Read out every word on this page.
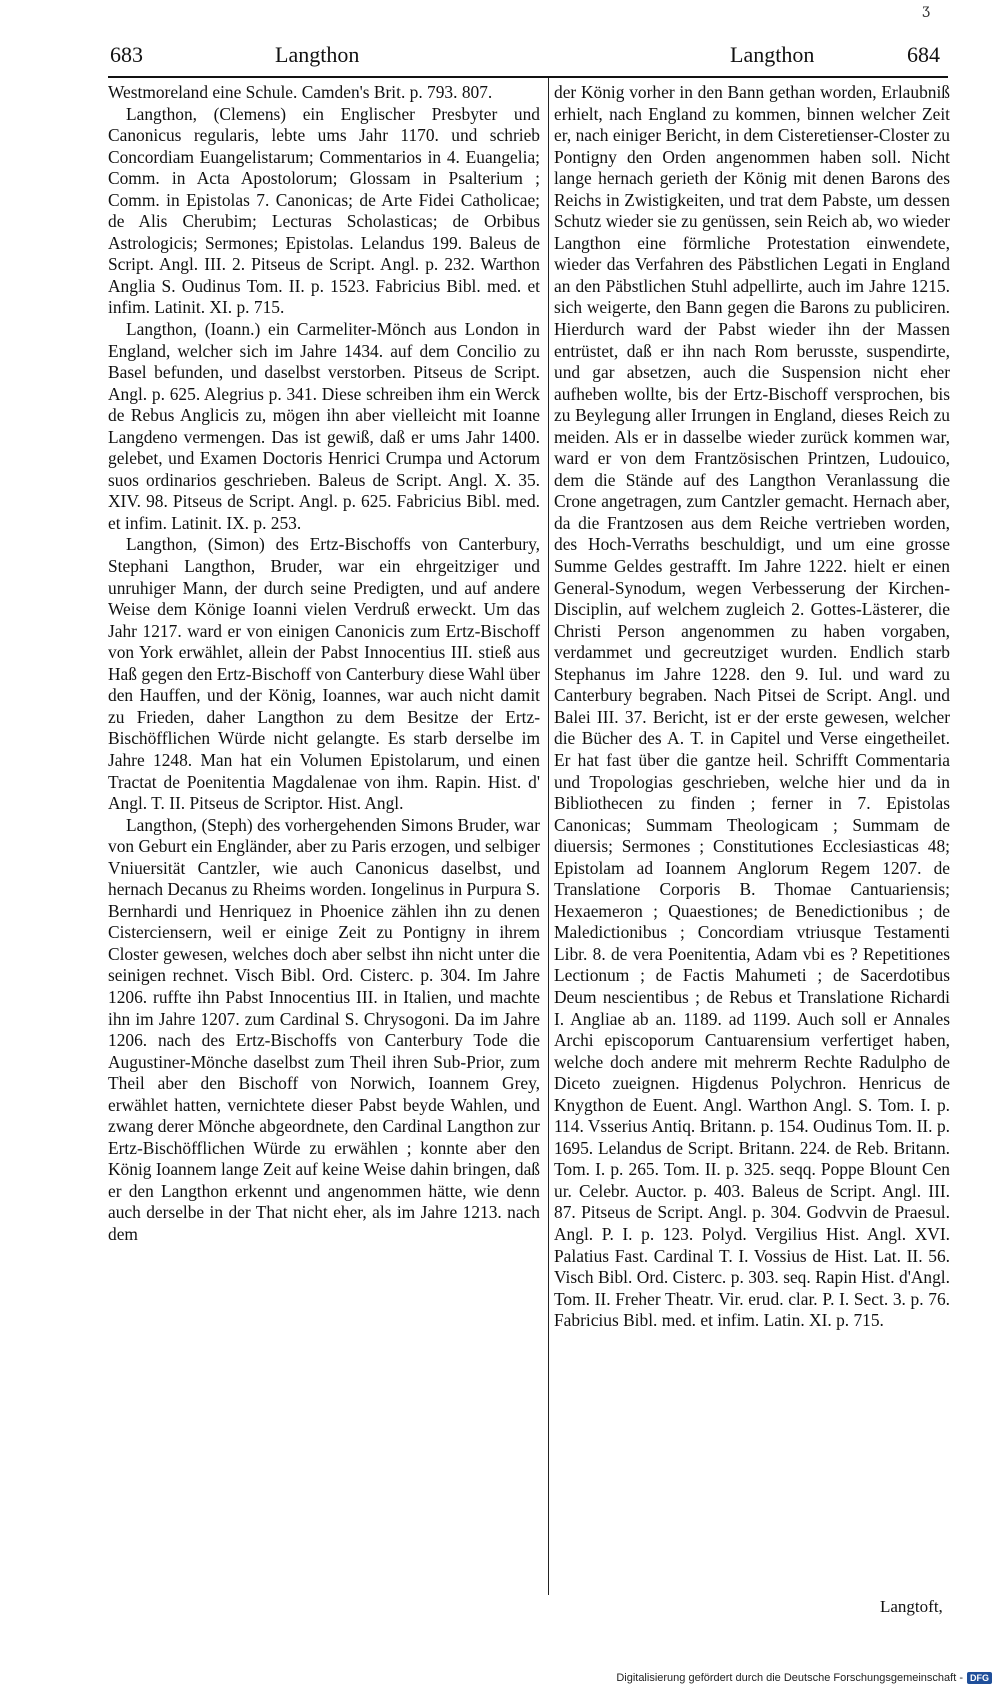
ʒ
683	Langthon	Langthon	684

Westmoreland eine Schule. Camden's Brit. p. 793. 807.

Langthon, (Clemens) ein Englischer Presbyter und Canonicus regularis, lebte ums Jahr 1170. und schrieb Concordiam Euangelistarum; Commentarios in 4. Euangelia; Comm. in Acta Apostolorum; Glossam in Psalterium ; Comm. in Epistolas 7. Canonicas; de Arte Fidei Catholicae; de Alis Cherubim; Lecturas Scholasticas; de Orbibus Astrologicis; Sermones; Epistolas. Lelandus 199. Baleus de Script. Angl. III. 2. Pitseus de Script. Angl. p. 232. Warthon Anglia S. Oudinus Tom. II. p. 1523. Fabricius Bibl. med. et infim. Latinit. XI. p. 715.

Langthon, (Ioann.) ein Carmeliter-Mönch aus London in England, welcher sich im Jahre 1434. auf dem Concilio zu Basel befunden, und daselbst verstorben. Pitseus de Script. Angl. p. 625. Alegrius p. 341. Diese schreiben ihm ein Werck de Rebus Anglicis zu, mögen ihn aber vielleicht mit Ioanne Langdeno vermengen. Das ist gewiß, daß er ums Jahr 1400. gelebet, und Examen Doctoris Henrici Crumpa und Actorum suos ordinarios geschrieben. Baleus de Script. Angl. X. 35. XIV. 98. Pitseus de Script. Angl. p. 625. Fabricius Bibl. med. et infim. Latinit. IX. p. 253.

Langthon, (Simon) des Ertz-Bischoffs von Canterbury, Stephani Langthon, Bruder, war ein ehrgeitziger und unruhiger Mann, der durch seine Predigten, und auf andere Weise dem Könige Ioanni vielen Verdruß erweckt. Um das Jahr 1217. ward er von einigen Canonicis zum Ertz-Bischoff von York erwählet, allein der Pabst Innocentius III. stieß aus Haß gegen den Ertz-Bischoff von Canterbury diese Wahl über den Hauffen, und der König, Ioannes, war auch nicht damit zu Frieden, daher Langthon zu dem Besitze der Ertz-Bischöfflichen Würde nicht gelangte. Es starb derselbe im Jahre 1248. Man hat ein Volumen Epistolarum, und einen Tractat de Poenitentia Magdalenae von ihm. Rapin. Hist. d' Angl. T. II. Pitseus de Scriptor. Hist. Angl.

Langthon, (Steph) des vorhergehenden Simons Bruder, war von Geburt ein Engländer, aber zu Paris erzogen, und selbiger Vniuersität Cantzler, wie auch Canonicus daselbst, und hernach Decanus zu Rheims worden. Iongelinus in Purpura S. Bernhardi und Henriquez in Phoenice zählen ihn zu denen Cisterciensern, weil er einige Zeit zu Pontigny in ihrem Closter gewesen, welches doch aber selbst ihn nicht unter die seinigen rechnet. Visch Bibl. Ord. Cisterc. p. 304. Im Jahre 1206. ruffte ihn Pabst Innocentius III. in Italien, und machte ihn im Jahre 1207. zum Cardinal S. Chrysogoni. Da im Jahre 1206. nach des Ertz-Bischoffs von Canterbury Tode die Augustiner-Mönche daselbst zum Theil ihren Sub-Prior, zum Theil aber den Bischoff von Norwich, Ioannem Grey, erwählet hatten, vernichtete dieser Pabst beyde Wahlen, und zwang derer Mönche abgeordnete, den Cardinal Langthon zur Ertz-Bischöfflichen Würde zu erwählen ; konnte aber den König Ioannem lange Zeit auf keine Weise dahin bringen, daß er den Langthon erkennt und angenommen hätte, wie denn auch derselbe in der That nicht eher, als im Jahre 1213. nach dem

der König vorher in den Bann gethan worden, Erlaubniß erhielt, nach England zu kommen, binnen welcher Zeit er, nach einiger Bericht, in dem Cisteretienser-Closter zu Pontigny den Orden angenommen haben soll. Nicht lange hernach gerieth der König mit denen Barons des Reichs in Zwistigkeiten, und trat dem Pabste, um dessen Schutz wieder sie zu genüssen, sein Reich ab, wo wieder Langthon eine förmliche Protestation einwendete, wieder das Verfahren des Päbstlichen Legati in England an den Päbstlichen Stuhl adpellirte, auch im Jahre 1215. sich weigerte, den Bann gegen die Barons zu publiciren. Hierdurch ward der Pabst wieder ihn der Massen entrüstet, daß er ihn nach Rom berusste, suspendirte, und gar absetzen, auch die Suspension nicht eher aufheben wollte, bis der Ertz-Bischoff versprochen, bis zu Beylegung aller Irrungen in England, dieses Reich zu meiden. Als er in dasselbe wieder zurück kommen war, ward er von dem Frantzösischen Printzen, Ludouico, dem die Stände auf des Langthon Veranlassung die Crone angetragen, zum Cantzler gemacht. Hernach aber, da die Frantzosen aus dem Reiche vertrieben worden, des Hoch-Verraths beschuldigt, und um eine grosse Summe Geldes gestrafft. Im Jahre 1222. hielt er einen General-Synodum, wegen Verbesserung der Kirchen-Disciplin, auf welchem zugleich 2. Gottes-Lästerer, die Christi Person angenommen zu haben vorgaben, verdammet und gecreutziget wurden. Endlich starb Stephanus im Jahre 1228. den 9. Iul. und ward zu Canterbury begraben. Nach Pitsei de Script. Angl. und Balei III. 37. Bericht, ist er der erste gewesen, welcher die Bücher des A. T. in Capitel und Verse eingetheilet. Er hat fast über die gantze heil. Schrifft Commentaria und Tropologias geschrieben, welche hier und da in Bibliothecen zu finden ; ferner in 7. Epistolas Canonicas; Summam Theologicam ; Summam de diuersis; Sermones ; Constitutiones Ecclesiasticas 48; Epistolam ad Ioannem Anglorum Regem 1207. de Translatione Corporis B. Thomae Cantuariensis; Hexaemeron ; Quaestiones; de Benedictionibus ; de Maledictionibus ; Concordiam vtriusque Testamenti Libr. 8. de vera Poenitentia, Adam vbi es ? Repetitiones Lectionum ; de Factis Mahumeti ; de Sacerdotibus Deum nescientibus ; de Rebus et Translatione Richardi I. Angliae ab an. 1189. ad 1199. Auch soll er Annales Archi episcoporum Cantuarensium verfertiget haben, welche doch andere mit mehrerm Rechte Radulpho de Diceto zueignen. Higdenus Polychron. Henricus de Knygthon de Euent. Angl. Warthon Angl. S. Tom. I. p. 114. Vsserius Antiq. Britann. p. 154. Oudinus Tom. II. p. 1695. Lelandus de Script. Britann. 224. de Reb. Britann. Tom. I. p. 265. Tom. II. p. 325. seqq. Poppe Blount Cen ur. Celebr. Auctor. p. 403. Baleus de Script. Angl. III. 87. Pitseus de Script. Angl. p. 304. Godvvin de Praesul. Angl. P. I. p. 123. Polyd. Vergilius Hist. Angl. XVI. Palatius Fast. Cardinal T. I. Vossius de Hist. Lat. II. 56. Visch Bibl. Ord. Cisterc. p. 303. seq. Rapin Hist. d'Angl. Tom. II. Freher Theatr. Vir. erud. clar. P. I. Sect. 3. p. 76. Fabricius Bibl. med. et infim. Latin. XI. p. 715.

Langtoft,
Digitalisierung gefördert durch die Deutsche Forschungsgemeinschaft - DFG
